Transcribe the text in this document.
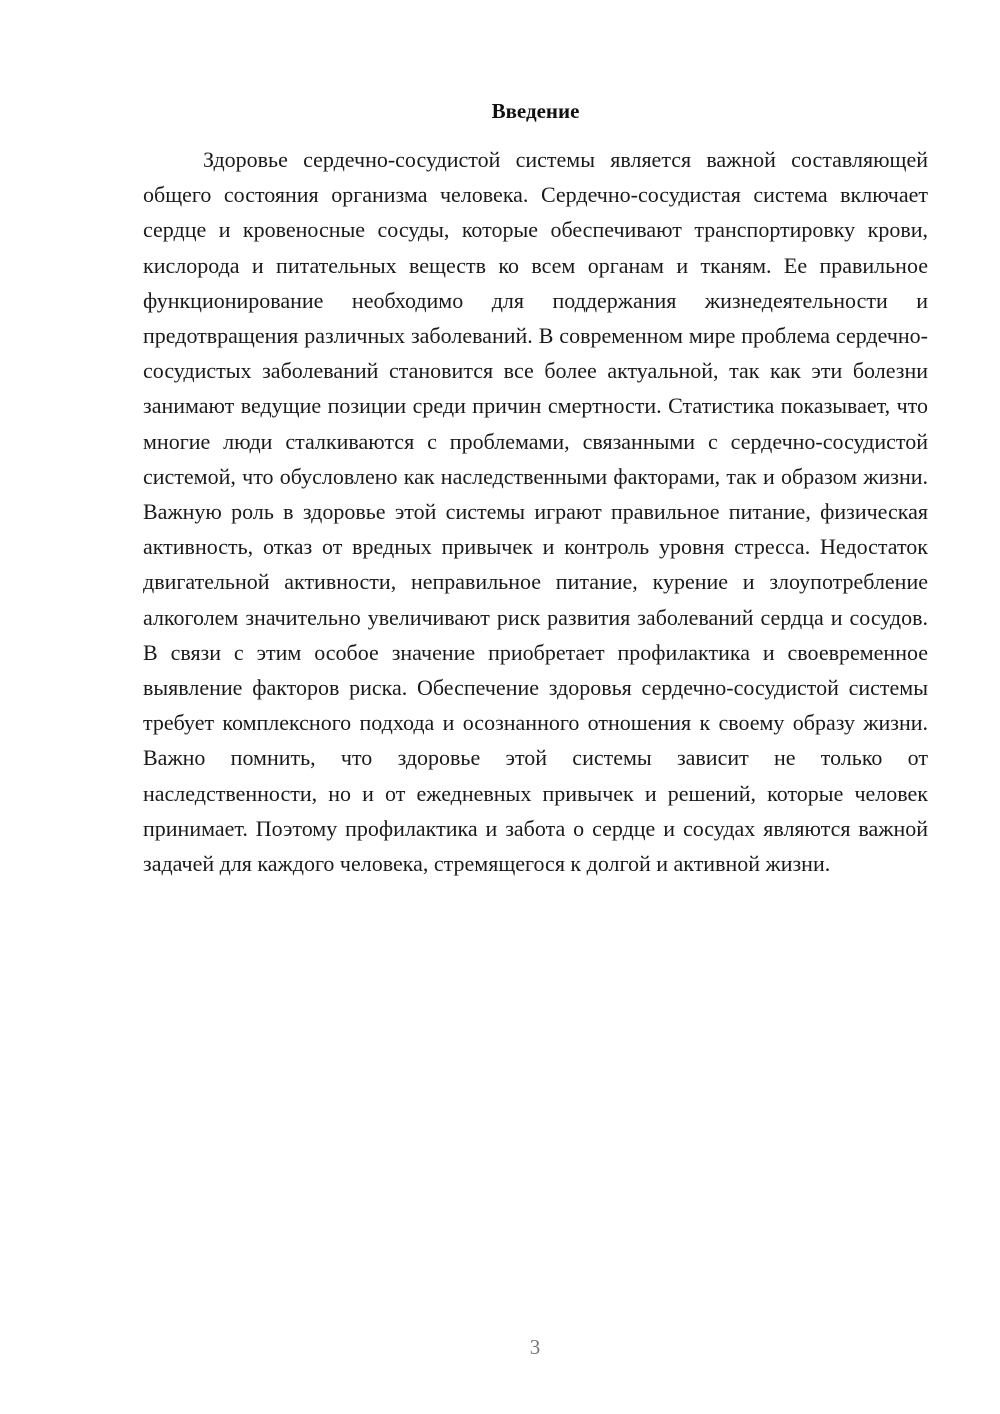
Введение

Здоровье сердечно-сосудистой системы является важной составляющей общего состояния организма человека. Сердечно-сосудистая система включает сердце и кровеносные сосуды, которые обеспечивают транспортировку крови, кислорода и питательных веществ ко всем органам и тканям. Ее правильное функционирование необходимо для поддержания жизнедеятельности и предотвращения различных заболеваний. В современном мире проблема сердечно-сосудистых заболеваний становится все более актуальной, так как эти болезни занимают ведущие позиции среди причин смертности. Статистика показывает, что многие люди сталкиваются с проблемами, связанными с сердечно-сосудистой системой, что обусловлено как наследственными факторами, так и образом жизни. Важную роль в здоровье этой системы играют правильное питание, физическая активность, отказ от вредных привычек и контроль уровня стресса. Недостаток двигательной активности, неправильное питание, курение и злоупотребление алкоголем значительно увеличивают риск развития заболеваний сердца и сосудов. В связи с этим особое значение приобретает профилактика и своевременное выявление факторов риска. Обеспечение здоровья сердечно-сосудистой системы требует комплексного подхода и осознанного отношения к своему образу жизни. Важно помнить, что здоровье этой системы зависит не только от наследственности, но и от ежедневных привычек и решений, которые человек принимает. Поэтому профилактика и забота о сердце и сосудах являются важной задачей для каждого человека, стремящегося к долгой и активной жизни.

3
